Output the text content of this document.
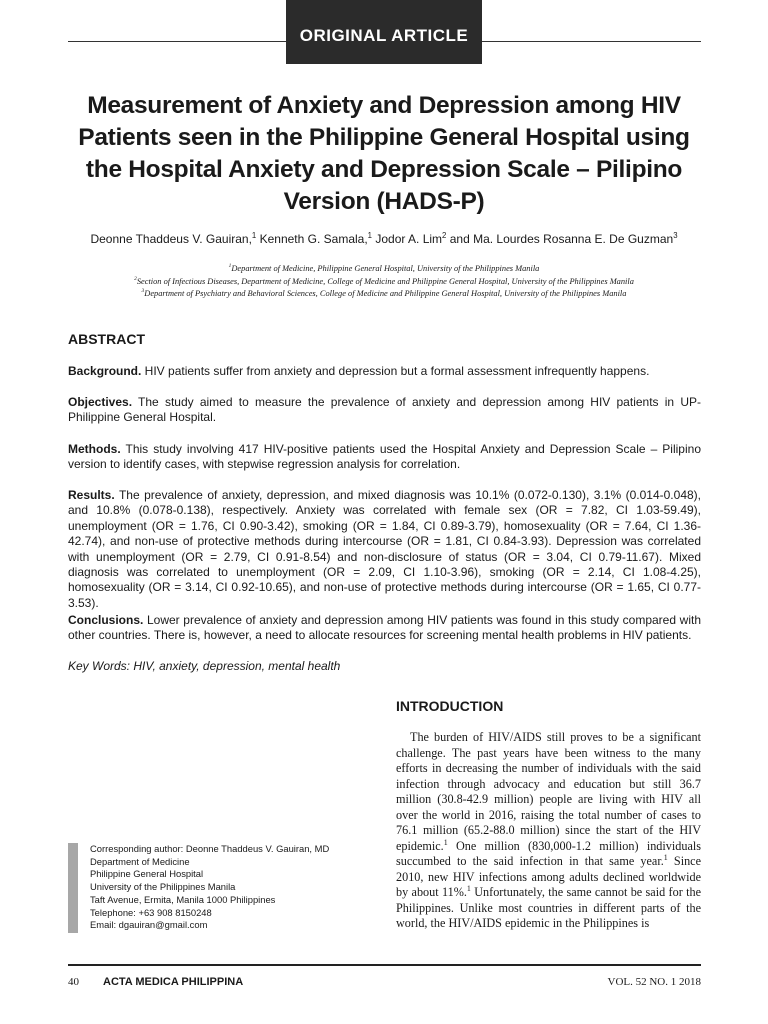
ORIGINAL ARTICLE
Measurement of Anxiety and Depression among HIV Patients seen in the Philippine General Hospital using the Hospital Anxiety and Depression Scale – Pilipino Version (HADS-P)
Deonne Thaddeus V. Gauiran,$^1$ Kenneth G. Samala,$^1$ Jodor A. Lim$^2$ and Ma. Lourdes Rosanna E. De Guzman$^3$
$^1$Department of Medicine, Philippine General Hospital, University of the Philippines Manila
$^2$Section of Infectious Diseases, Department of Medicine, College of Medicine and Philippine General Hospital, University of the Philippines Manila
$^3$Department of Psychiatry and Behavioral Sciences, College of Medicine and Philippine General Hospital, University of the Philippines Manila
ABSTRACT
Background. HIV patients suffer from anxiety and depression but a formal assessment infrequently happens.
Objectives. The study aimed to measure the prevalence of anxiety and depression among HIV patients in UP-Philippine General Hospital.
Methods. This study involving 417 HIV-positive patients used the Hospital Anxiety and Depression Scale – Pilipino version to identify cases, with stepwise regression analysis for correlation.
Results. The prevalence of anxiety, depression, and mixed diagnosis was 10.1% (0.072-0.130), 3.1% (0.014-0.048), and 10.8% (0.078-0.138), respectively. Anxiety was correlated with female sex (OR = 7.82, CI 1.03-59.49), unemployment (OR = 1.76, CI 0.90-3.42), smoking (OR = 1.84, CI 0.89-3.79), homosexuality (OR = 7.64, CI 1.36-42.74), and non-use of protective methods during intercourse (OR = 1.81, CI 0.84-3.93). Depression was correlated with unemployment (OR = 2.79, CI 0.91-8.54) and non-disclosure of status (OR = 3.04, CI 0.79-11.67). Mixed diagnosis was correlated to unemployment (OR = 2.09, CI 1.10-3.96), smoking (OR = 2.14, CI 1.08-4.25), homosexuality (OR = 3.14, CI 0.92-10.65), and non-use of protective methods during intercourse (OR = 1.65, CI 0.77-3.53).
Conclusions. Lower prevalence of anxiety and depression among HIV patients was found in this study compared with other countries. There is, however, a need to allocate resources for screening mental health problems in HIV patients.
Key Words: HIV, anxiety, depression, mental health
INTRODUCTION

The burden of HIV/AIDS still proves to be a significant challenge. The past years have been witness to the many efforts in decreasing the number of individuals with the said infection through advocacy and education but still 36.7 million (30.8-42.9 million) people are living with HIV all over the world in 2016, raising the total number of cases to 76.1 million (65.2-88.0 million) since the start of the HIV epidemic.$^1$ One million (830,000-1.2 million) individuals succumbed to the said infection in that same year.$^1$ Since 2010, new HIV infections among adults declined worldwide by about 11%.$^1$ Unfortunately, the same cannot be said for the Philippines. Unlike most countries in different parts of the world, the HIV/AIDS epidemic in the Philippines is

Corresponding author: Deonne Thaddeus V. Gauiran, MD
Department of Medicine
Philippine General Hospital
University of the Philippines Manila
Taft Avenue, Ermita, Manila 1000 Philippines
Telephone: +63 908 8150248
Email: dgauiran@gmail.com
40 ACTA MEDICA PHILIPPINA	VOL. 52 NO. 1 2018
